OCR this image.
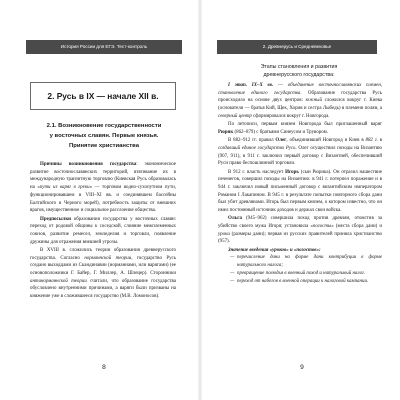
История России для ЕГЭ. Тест-контроль
2. Русь в IX — начале XII в.
2.1. Возникновение государственности
у восточных славян. Первые князья.
Принятие христианства
Причины возникновения государства: экономическое развитие восточнославянских территорий, втягивание их в международную транзитную торговлю (Киевская Русь образовалась на «пути из варяг в греки» — торговом водно-сухопутном пути, функционировавшем в VIII–XI вв. и соединявшем бассейны Балтийского и Черного морей), потребность защиты от внешних врагов, имущественное и социальное расслоение общества.
Предпосылки образования государства у восточных славян: переход от родовой общины к соседской, слияние межплеменных союзов, развитие ремесел, земледелия и торговли, появление дружины для отражения внешней угрозы.
В XVIII в. сложились теории образования древнерусского государства. Согласно норманнской теории, государство Русь создано выходцами из Скандинавии (норманнами, или варягами) (ее основоположники Г. Байер, Г. Миллер, А. Шлецер). Сторонники антинорманнской теории считали, что образование государства обусловлено внутренними причинами, а варяги были призваны на княжение уже в сложившееся государство (М.В. Ломоносов).
8
2. Древнерусь и Средневековье
Этапы становления и развития
древнерусского государства:
I этап. IX–X вв. — объединение восточнославянских племен, становление единого государства. Образование государства Русь происходило на основе двух центров: южный сложился вокруг г. Киева (основатели — братья Кий, Щек, Хорив и сестра Лыбедь) в племени полян, а северный центр сформировался вокруг г. Новгорода.
По летописи, первым князем Новгорода был приглашенный варяг Рюрик (862–879) с братьями Синеусом и Трувором.
В 882–912 гг. правил Олег, объединивший Новгород и Киев в 882 г. в создавший единое государство Русь. Олег осуществил походы на Византию (907, 911), в 911 г. заключил первый договор с Византией, обеспечивший Руси право беспошлинной торговли.
В 912 г. власть наследует Игорь (сын Рюрика). Он отразил нашествие печенегов, совершил походы на Византию: в 941 г. потерпел поражение и в 944 г. заключил новый письменный договор с византийским императором Романом I Лакапином. В 945 г. в результате попытки повторного сбора дани был убит древлянами. Игорь был первым князем, о котором известно, что он имел постоянный источник доходов и держал свои войска.
Ольга (945–962) совершила поход против древлян, отомстив за убийство своего мужа Игоря; установила «погосты» (места сбора дани) и уроки (размеры дани); первая из русских правителей приняла христианство (957).
Значение введения «уроков» и «погостов»:
— перечисление дани на форме дани контрибуции в форме натурального налога;
— превращение полюдья в военный поход и натуральный налог.
— переход от набегов в военной операции к налоговой кампании.
9
